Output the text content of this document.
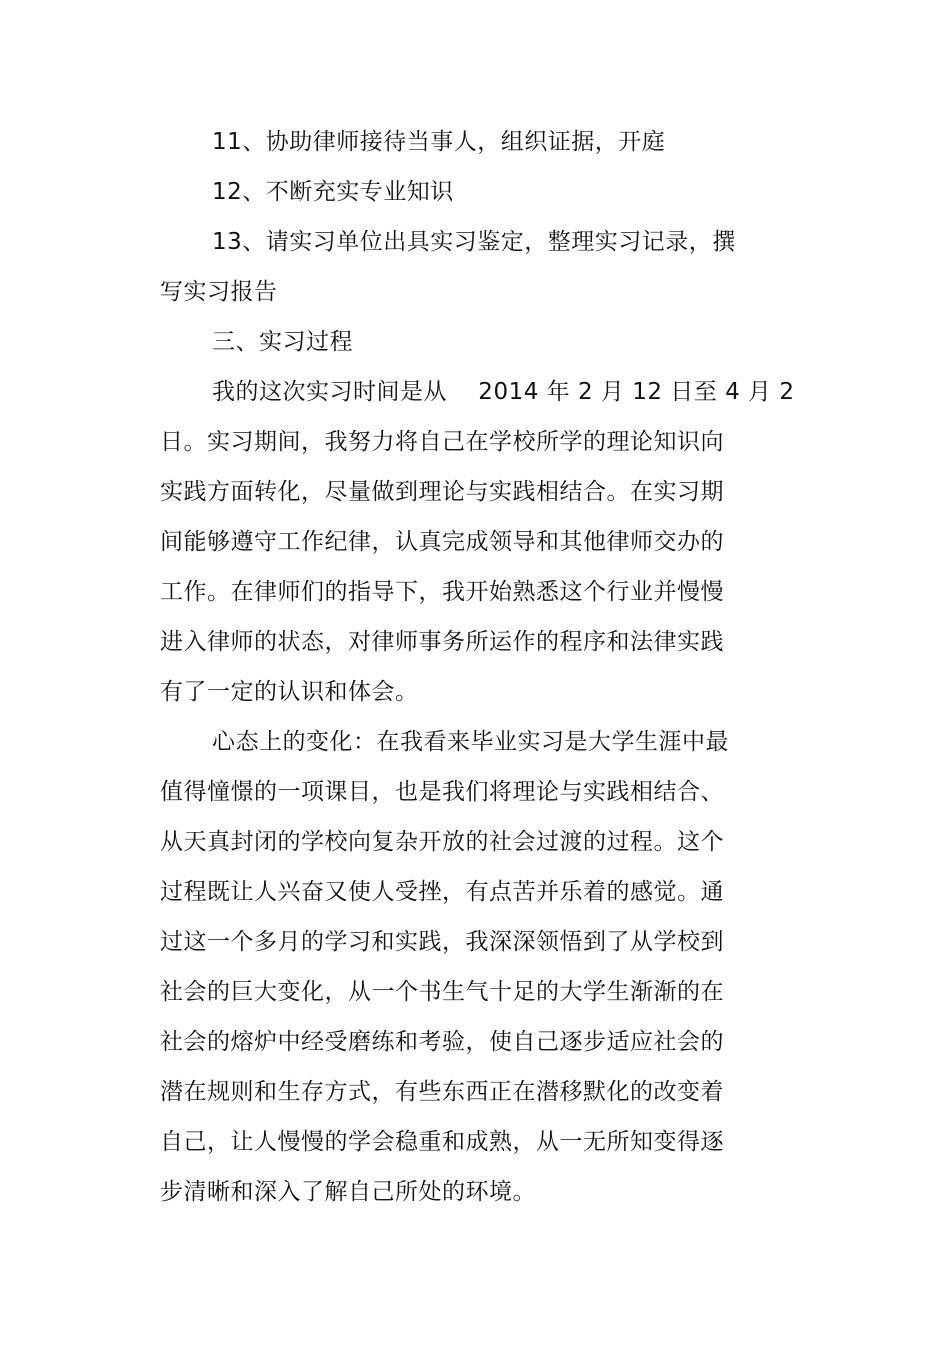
11、协助律师接待当事人，组织证据，开庭
12、不断充实专业知识
13、请实习单位出具实习鉴定，整理实习记录，撰
写实习报告
三、实习过程
我的这次实习时间是从　 2014 年 2 月 12 日至 4 月 2
日。实习期间，我努力将自己在学校所学的理论知识向
实践方面转化，尽量做到理论与实践相结合。在实习期
间能够遵守工作纪律，认真完成领导和其他律师交办的
工作。在律师们的指导下，我开始熟悉这个行业并慢慢
进入律师的状态，对律师事务所运作的程序和法律实践
有了一定的认识和体会。
心态上的变化：在我看来毕业实习是大学生涯中最
值得憧憬的一项课目，也是我们将理论与实践相结合、
从天真封闭的学校向复杂开放的社会过渡的过程。这个
过程既让人兴奋又使人受挫，有点苦并乐着的感觉。通
过这一个多月的学习和实践，我深深领悟到了从学校到
社会的巨大变化，从一个书生气十足的大学生渐渐的在
社会的熔炉中经受磨练和考验，使自己逐步适应社会的
潜在规则和生存方式，有些东西正在潜移默化的改变着
自己，让人慢慢的学会稳重和成熟，从一无所知变得逐
步清晰和深入了解自己所处的环境。
